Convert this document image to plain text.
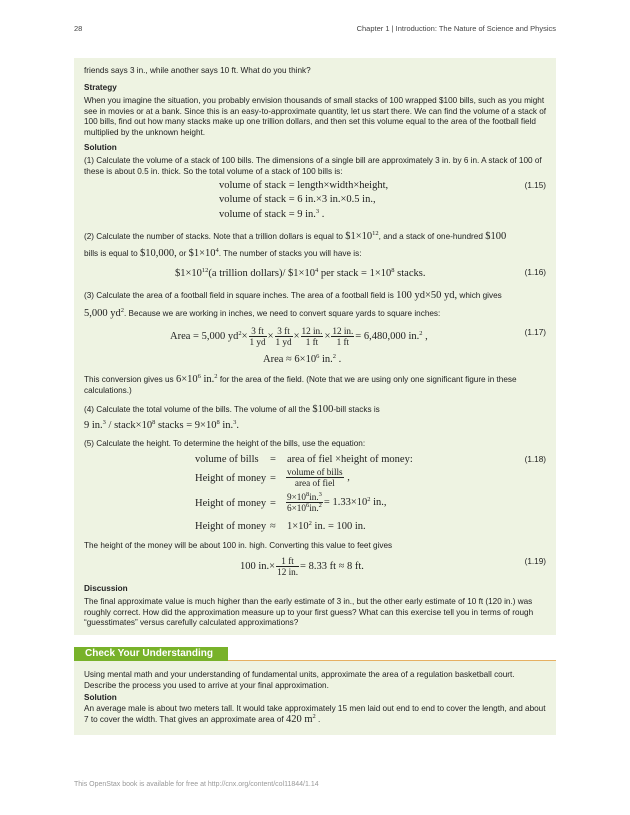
28	Chapter 1 | Introduction: The Nature of Science and Physics
friends says 3 in., while another says 10 ft. What do you think?
Strategy
When you imagine the situation, you probably envision thousands of small stacks of 100 wrapped $100 bills, such as you might see in movies or at a bank. Since this is an easy-to-approximate quantity, let us start there. We can find the volume of a stack of 100 bills, find out how many stacks make up one trillion dollars, and then set this volume equal to the area of the football field multiplied by the unknown height.
Solution
(1) Calculate the volume of a stack of 100 bills. The dimensions of a single bill are approximately 3 in. by 6 in. A stack of 100 of these is about 0.5 in. thick. So the total volume of a stack of 100 bills is:
volume of stack = length×width×height,
volume of stack = 6 in.×3 in.×0.5 in.,
volume of stack = 9 in.$^3$ .
(1.15)
(2) Calculate the number of stacks. Note that a trillion dollars is equal to $\$1\times 10^{12}$, and a stack of one-hundred $100
bills is equal to $10,000, or $\$1\times 10^4$. The number of stacks you will have is:
$\$1\times 10^{12}(a$ trillion dollars)/ $\$1\times 10^4$ per stack = $1\times 10^8$ stacks.	(1.16)
(3) Calculate the area of a football field in square inches. The area of a football field is 100 yd×50 yd, which gives
5,000 $yd^2$. Because we are working in inches, we need to convert square yards to square inches:
Area = 5,000 $yd^2\times \frac{3 ft}{1 yd} \times \frac{3 ft}{1 yd} \times \frac{12 in.}{1 ft} \times \frac{12 in.}{1 ft} = 6,480,000$ in.$^2$ ,
Area ≈ $6\times 10^6$ in.$^2$ .
(1.17)
This conversion gives us $6\times 10^6$ in.$^2$ for the area of the field. (Note that we are using only one significant figure in these calculations.)
(4) Calculate the total volume of the bills. The volume of all the $100-bill stacks is
9 $in.^3 / stack\times 10^8$ stacks = $9\times 10^8$ in.$^3$.
(5) Calculate the height. To determine the height of the bills, use the equation:
volume of bills = area of fiel ×height of money:
Height of money = $\frac{\text{volume of bills}}{\text{area of fiel}}$ ,
Height of money = $\frac{9\times 10^8in.^3}{6\times 10^6in.^2} = 1.33\times 10^2$ in.,
Height of money ≈ $1\times 10^2$ in. = 100 in.
(1.18)
The height of the money will be about 100 in. high. Converting this value to feet gives
100 $in.\times \frac{1 ft}{12 in.} = 8.33$ ft ≈ 8 ft.	(1.19)
Discussion
The final approximate value is much higher than the early estimate of 3 in., but the other early estimate of 10 ft (120 in.) was roughly correct. How did the approximation measure up to your first guess? What can this exercise tell you in terms of rough “guesstimates” versus carefully calculated approximations?
Check Your Understanding
Using mental math and your understanding of fundamental units, approximate the area of a regulation basketball court. Describe the process you used to arrive at your final approximation.
Solution
An average male is about two meters tall. It would take approximately 15 men laid out end to end to cover the length, and about 7 to cover the width. That gives an approximate area of 420 $m^2$ .
This OpenStax book is available for free at http://cnx.org/content/col11844/1.14
